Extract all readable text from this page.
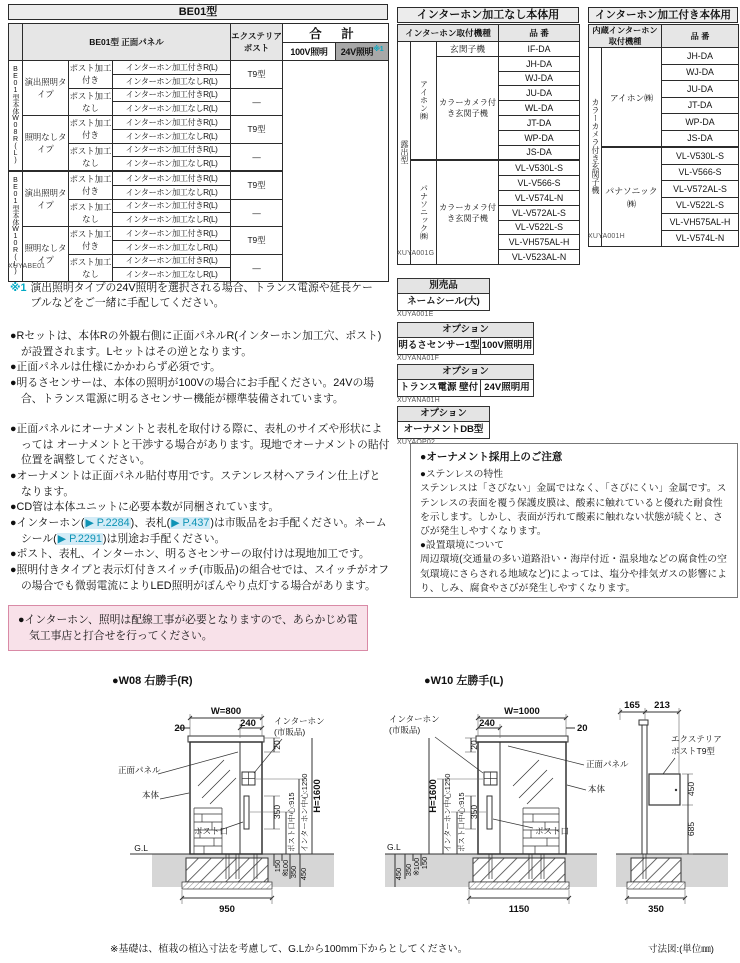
BE01型
	BE01型 正面パネル			エクステリアポスト	合 計	
					100V照明	24V照明$^{※1}$
BE01型本体W08R(L)	演出照明タイプ	ポスト加工付き	インターホン加工付きR(L)	T9型		
			インターホン加工なしR(L)			
		ポスト加工なし	インターホン加工付きR(L)	—		
			インターホン加工なしR(L)			
	照明なしタイプ	ポスト加工付き	インターホン加工付きR(L)	T9型		
			インターホン加工なしR(L)			
		ポスト加工なし	インターホン加工付きR(L)	—		
			インターホン加工なしR(L)			
BE01型本体W10R(L)	演出照明タイプ	ポスト加工付き	インターホン加工付きR(L)	T9型		
			インターホン加工なしR(L)			
		ポスト加工なし	インターホン加工付きR(L)	—		
			インターホン加工なしR(L)			
	照明なしタイプ	ポスト加工付き	インターホン加工付きR(L)	T9型		
			インターホン加工なしR(L)			
		ポスト加工なし	インターホン加工付きR(L)	—		
			インターホン加工なしR(L)			
XUYABE01
※1 演出照明タイプの24V照明を選択される場合、トランス電源や延長ケーブルなどをご一緒に手配してください。

●Rセットは、本体Rの外観右側に正面パネルR(インターホン加工穴、ポスト)が設置されます。Lセットはその逆となります。

●正面パネルは仕様にかかわらず必須です。

●明るさセンサーは、本体の照明が100Vの場合にお手配ください。24Vの場合、トランス電源に明るさセンサー機能が標準装備されています。

●正面パネルにオーナメントと表札を取付ける際に、表札のサイズや形状によっては オーナメントと干渉する場合があります。現地でオーナメントの貼付位置を調整してください。

●オーナメントは正面パネル貼付専用です。ステンレス材ヘアライン仕上げとなります。

●CD管は本体ユニットに必要本数が同梱されています。

●インターホン(▶ P.2284)、表札(▶ P.437)は市販品をお手配ください。ネームシール(▶ P.2291)は別途お手配ください。

●ポスト、表札、インターホン、明るさセンサーの取付けは現地加工です。

●照明付きタイプと表示灯付きスイッチ(市販品)の組合せでは、スイッチがオフの場合でも微弱電流によりLED照明がぼんやり点灯する場合があります。

●インターホン、照明は配線工事が必要となりますので、あらかじめ電気工事店と打合せを行ってください。

インターホン加工なし本体用
インターホン取付機種			品 番
露出型	アイホン㈱	玄関子機	IF-DA
		カラーカメラ付き玄関子機	JH-DA
			WJ-DA
			JU-DA
			WL-DA
			JT-DA
			WP-DA
			JS-DA
	パナソニック㈱	カラーカメラ付き玄関子機	VL-V530L-S
			VL-V566-S
			VL-V574L-N
			VL-V572AL-S
			VL-V522L-S
			VL-VH575AL-H
			VL-V523AL-N
XUYA001G
インターホン加工付き本体用
内蔵インターホン取付機種		品 番
カラーカメラ付き玄関子機	アイホン㈱	JH-DA
		WJ-DA
		JU-DA
		JT-DA
		WP-DA
		JS-DA
	パナソニック㈱	VL-V530L-S
		VL-V566-S
		VL-V572AL-S
		VL-V522L-S
		VL-VH575AL-H
		VL-V574L-N
XUYA001H
別売品
ネームシール(大)
XUYA001E
オプション
明るさセンサー1型 100V照明用
XUYANA01F
オプション
トランス電源 壁付 24V照明用
XUYANA01H
オプション
オーナメントDB型
XUYAOP02
●オーナメント採用上のご注意

●ステンレスの特性

ステンレスは「さびない」金属ではなく、「さびにくい」金属です。ステンレスの表面を覆う保護皮膜は、酸素に触れていると優れた耐食性を示します。しかし、表面が汚れて酸素に触れない状態が続くと、さびが発生しやすくなります。

●設置環境について

周辺環境(交通量の多い道路沿い・海岸付近・温泉地などの腐食性の空気環境にさらされる地域など)によっては、塩分や排気ガスの影響により、しみ、腐食やさびが発生しやすくなります。

●W08 右勝手(R)	●W10 左勝手(L)
正面パネル
本体
ポスト口
インターホン
(市販品)
W=800
20	240
20
350 ポスト口中心:915 インターホン中心:1250 H=1600
150 100
※ 350 450
G.L
950
インターホン
(市販品)
正面パネル
本体
ポスト口
W=1000
240	20
20
350
ポスト口中心:915
インターホン中心:1250
H=1600
450 350 100
※
150
G.L
1150
165 213
エクステリア
ポストT9型
450
685
350
※基礎は、植栽の植込寸法を考慮して、G.Lから100mm下からとしてください。	寸法図:(単位㎜)
